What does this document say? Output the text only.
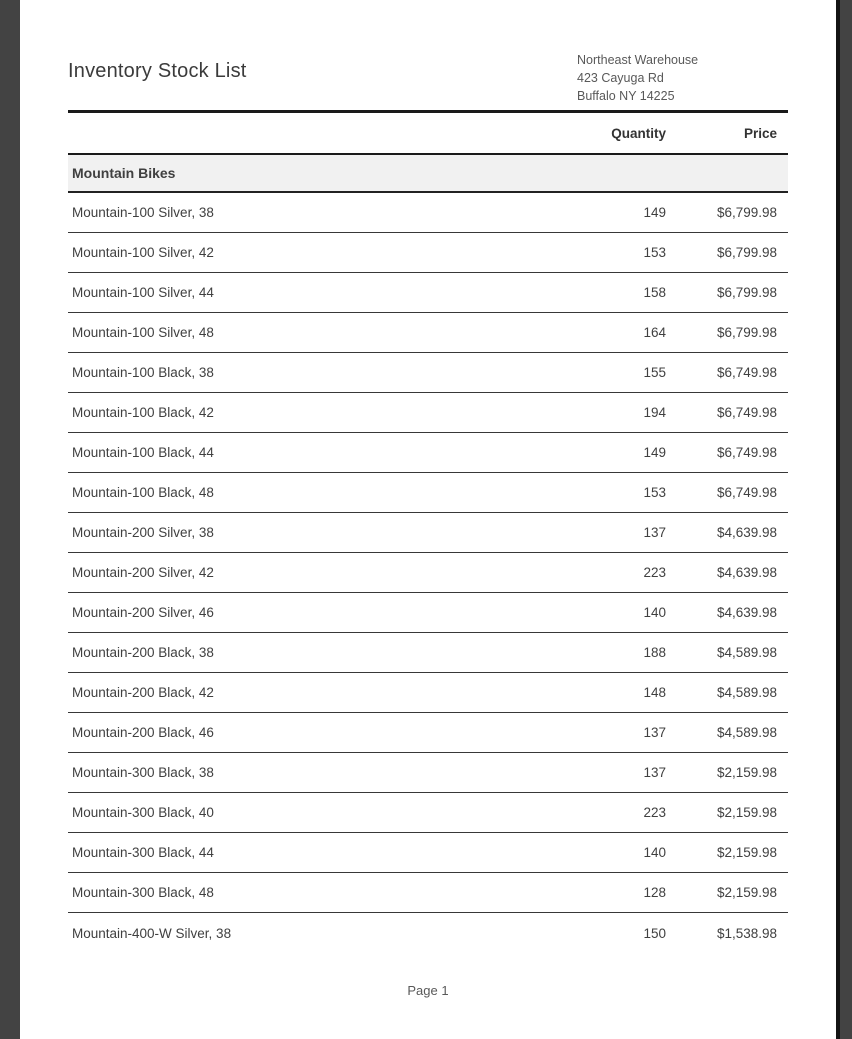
Inventory Stock List	Northeast Warehouse
423 Cayuga Rd
Buffalo NY 14225
Quantity	Price
Mountain Bikes
Mountain-100 Silver, 38	149	$6,799.98
Mountain-100 Silver, 42	153	$6,799.98
Mountain-100 Silver, 44	158	$6,799.98
Mountain-100 Silver, 48	164	$6,799.98
Mountain-100 Black, 38	155	$6,749.98
Mountain-100 Black, 42	194	$6,749.98
Mountain-100 Black, 44	149	$6,749.98
Mountain-100 Black, 48	153	$6,749.98
Mountain-200 Silver, 38	137	$4,639.98
Mountain-200 Silver, 42	223	$4,639.98
Mountain-200 Silver, 46	140	$4,639.98
Mountain-200 Black, 38	188	$4,589.98
Mountain-200 Black, 42	148	$4,589.98
Mountain-200 Black, 46	137	$4,589.98
Mountain-300 Black, 38	137	$2,159.98
Mountain-300 Black, 40	223	$2,159.98
Mountain-300 Black, 44	140	$2,159.98
Mountain-300 Black, 48	128	$2,159.98
Mountain-400-W Silver, 38	150	$1,538.98
Page 1
